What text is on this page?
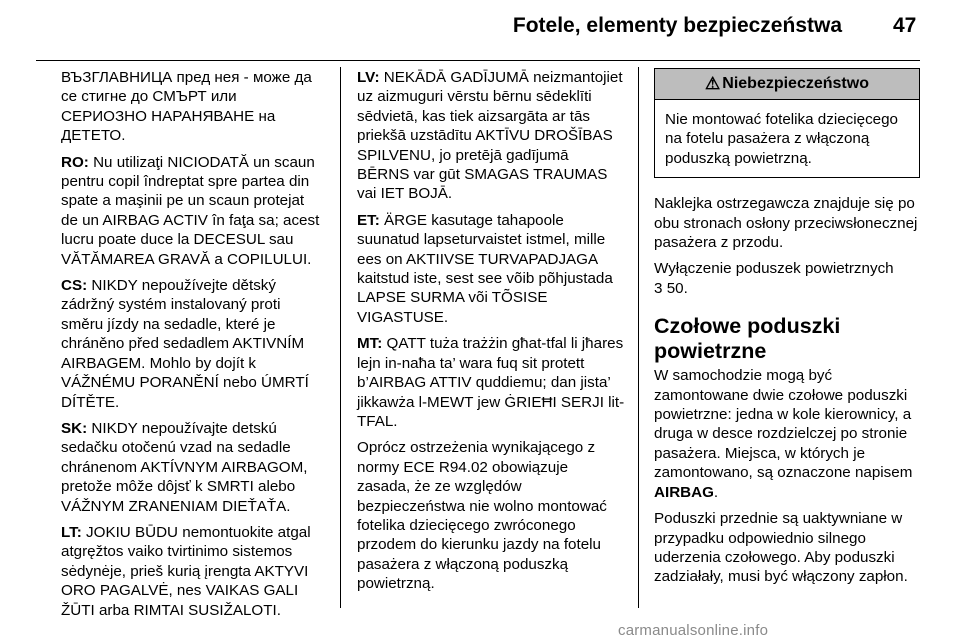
Fotele, elementy bezpieczeństwa 47

ВЪЗГЛАВНИЦА пред нея - може да се стигне до СМЪРТ или СЕРИОЗНО НАРАНЯВАНЕ на ДЕТЕТО.

RO: Nu utilizaţi NICIODATĂ un scaun pentru copil îndreptat spre partea din spate a maşinii pe un scaun protejat de un AIRBAG ACTIV în faţa sa; acest lucru poate duce la DECESUL sau VĂTĂMAREA GRAVĂ a COPILULUI.

CS: NIKDY nepoužívejte dětský zádržný systém instalovaný proti směru jízdy na sedadle, které je chráněno před sedadlem AKTIVNÍM AIRBAGEM. Mohlo by dojít k VÁŽNÉMU PORANĚNÍ nebo ÚMRTÍ DÍTĚTE.

SK: NIKDY nepoužívajte detskú sedačku otočenú vzad na sedadle chránenom AKTÍVNYM AIRBAGOM, pretože môže dôjsť k SMRTI alebo VÁŽNYM ZRANENIAM DIEŤAŤA.

LT: JOKIU BŪDU nemontuokite atgal atgręžtos vaiko tvirtinimo sistemos sėdynėje, prieš kurią įrengta AKTYVI ORO PAGALVĖ, nes VAIKAS GALI ŽŪTI arba RIMTAI SUSIŽALOTI.

LV: NEKĀDĀ GADĪJUMĀ neizmantojiet uz aizmuguri vērstu bērnu sēdeklīti sēdvietā, kas tiek aizsargāta ar tās priekšā uzstādītu AKTĪVU DROŠĪBAS SPILVENU, jo pretējā gadījumā BĒRNS var gūt SMAGAS TRAUMAS vai IET BOJĀ.

ET: ÄRGE kasutage tahapoole suunatud lapseturvaistet istmel, mille ees on AKTIIVSE TURVAPADJAGA kaitstud iste, sest see võib põhjustada LAPSE SURMA või TÕSISE VIGASTUSE.

MT: QATT tuża trażżin għat-tfal li jħares lejn in-naħa ta’ wara fuq sit protett b’AIRBAG ATTIV quddiemu; dan jista’ jikkawża l-MEWT jew ĠRIEĦI SERJI lit-TFAL.

Oprócz ostrzeżenia wynikającego z normy ECE R94.02 obowiązuje zasada, że ze względów bezpieczeństwa nie wolno montować fotelika dziecięcego zwróconego przodem do kierunku jazdy na fotelu pasażera z włączoną poduszką powietrzną.

⚠ Niebezpieczeństwo
Nie montować fotelika dziecięcego na fotelu pasażera z włączoną poduszką powietrzną.

Naklejka ostrzegawcza znajduje się po obu stronach osłony przeciwsłonecznej pasażera z przodu.

Wyłączenie poduszek powietrznych
3 50.

Czołowe poduszki powietrzne

W samochodzie mogą być zamontowane dwie czołowe poduszki powietrzne: jedna w kole kierownicy, a druga w desce rozdzielczej po stronie pasażera. Miejsca, w których je zamontowano, są oznaczone napisem AIRBAG.

Poduszki przednie są uaktywniane w przypadku odpowiednio silnego uderzenia czołowego. Aby poduszki zadziałały, musi być włączony zapłon.

carmanualsonline.info
